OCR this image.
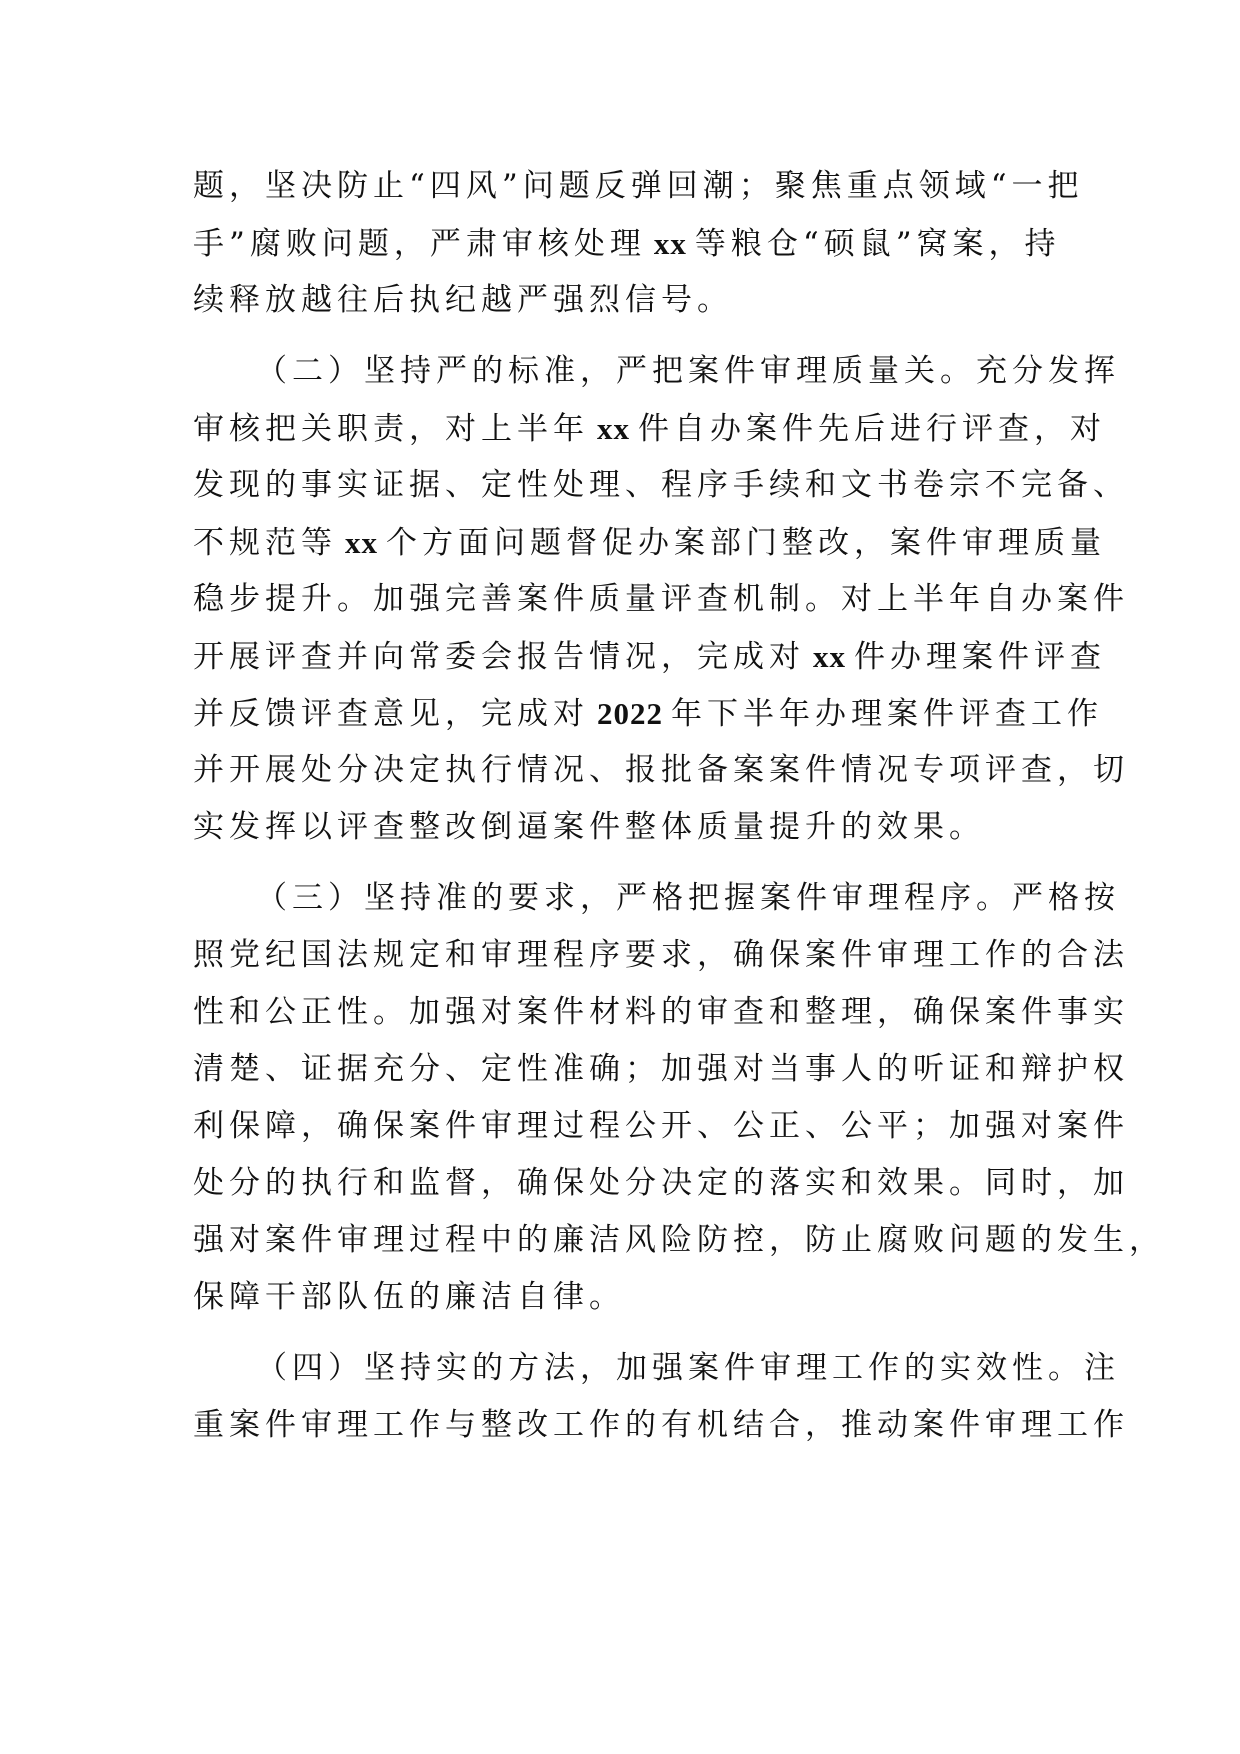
题，坚决防止“四风”问题反弹回潮；聚焦重点领域“一把
手”腐败问题，严肃审核处理 xx 等粮仓“硕鼠”窝案，持
续释放越往后执纪越严强烈信号。
（二）坚持严的标准，严把案件审理质量关。充分发挥
审核把关职责，对上半年 xx 件自办案件先后进行评查，对
发现的事实证据、定性处理、程序手续和文书卷宗不完备、
不规范等 xx 个方面问题督促办案部门整改，案件审理质量
稳步提升。加强完善案件质量评查机制。对上半年自办案件
开展评查并向常委会报告情况，完成对 xx 件办理案件评查
并反馈评查意见，完成对 2022 年下半年办理案件评查工作
并开展处分决定执行情况、报批备案案件情况专项评查，切
实发挥以评查整改倒逼案件整体质量提升的效果。
（三）坚持准的要求，严格把握案件审理程序。严格按
照党纪国法规定和审理程序要求，确保案件审理工作的合法
性和公正性。加强对案件材料的审查和整理，确保案件事实
清楚、证据充分、定性准确；加强对当事人的听证和辩护权
利保障，确保案件审理过程公开、公正、公平；加强对案件
处分的执行和监督，确保处分决定的落实和效果。同时，加
强对案件审理过程中的廉洁风险防控，防止腐败问题的发生，
保障干部队伍的廉洁自律。
（四）坚持实的方法，加强案件审理工作的实效性。注
重案件审理工作与整改工作的有机结合，推动案件审理工作
